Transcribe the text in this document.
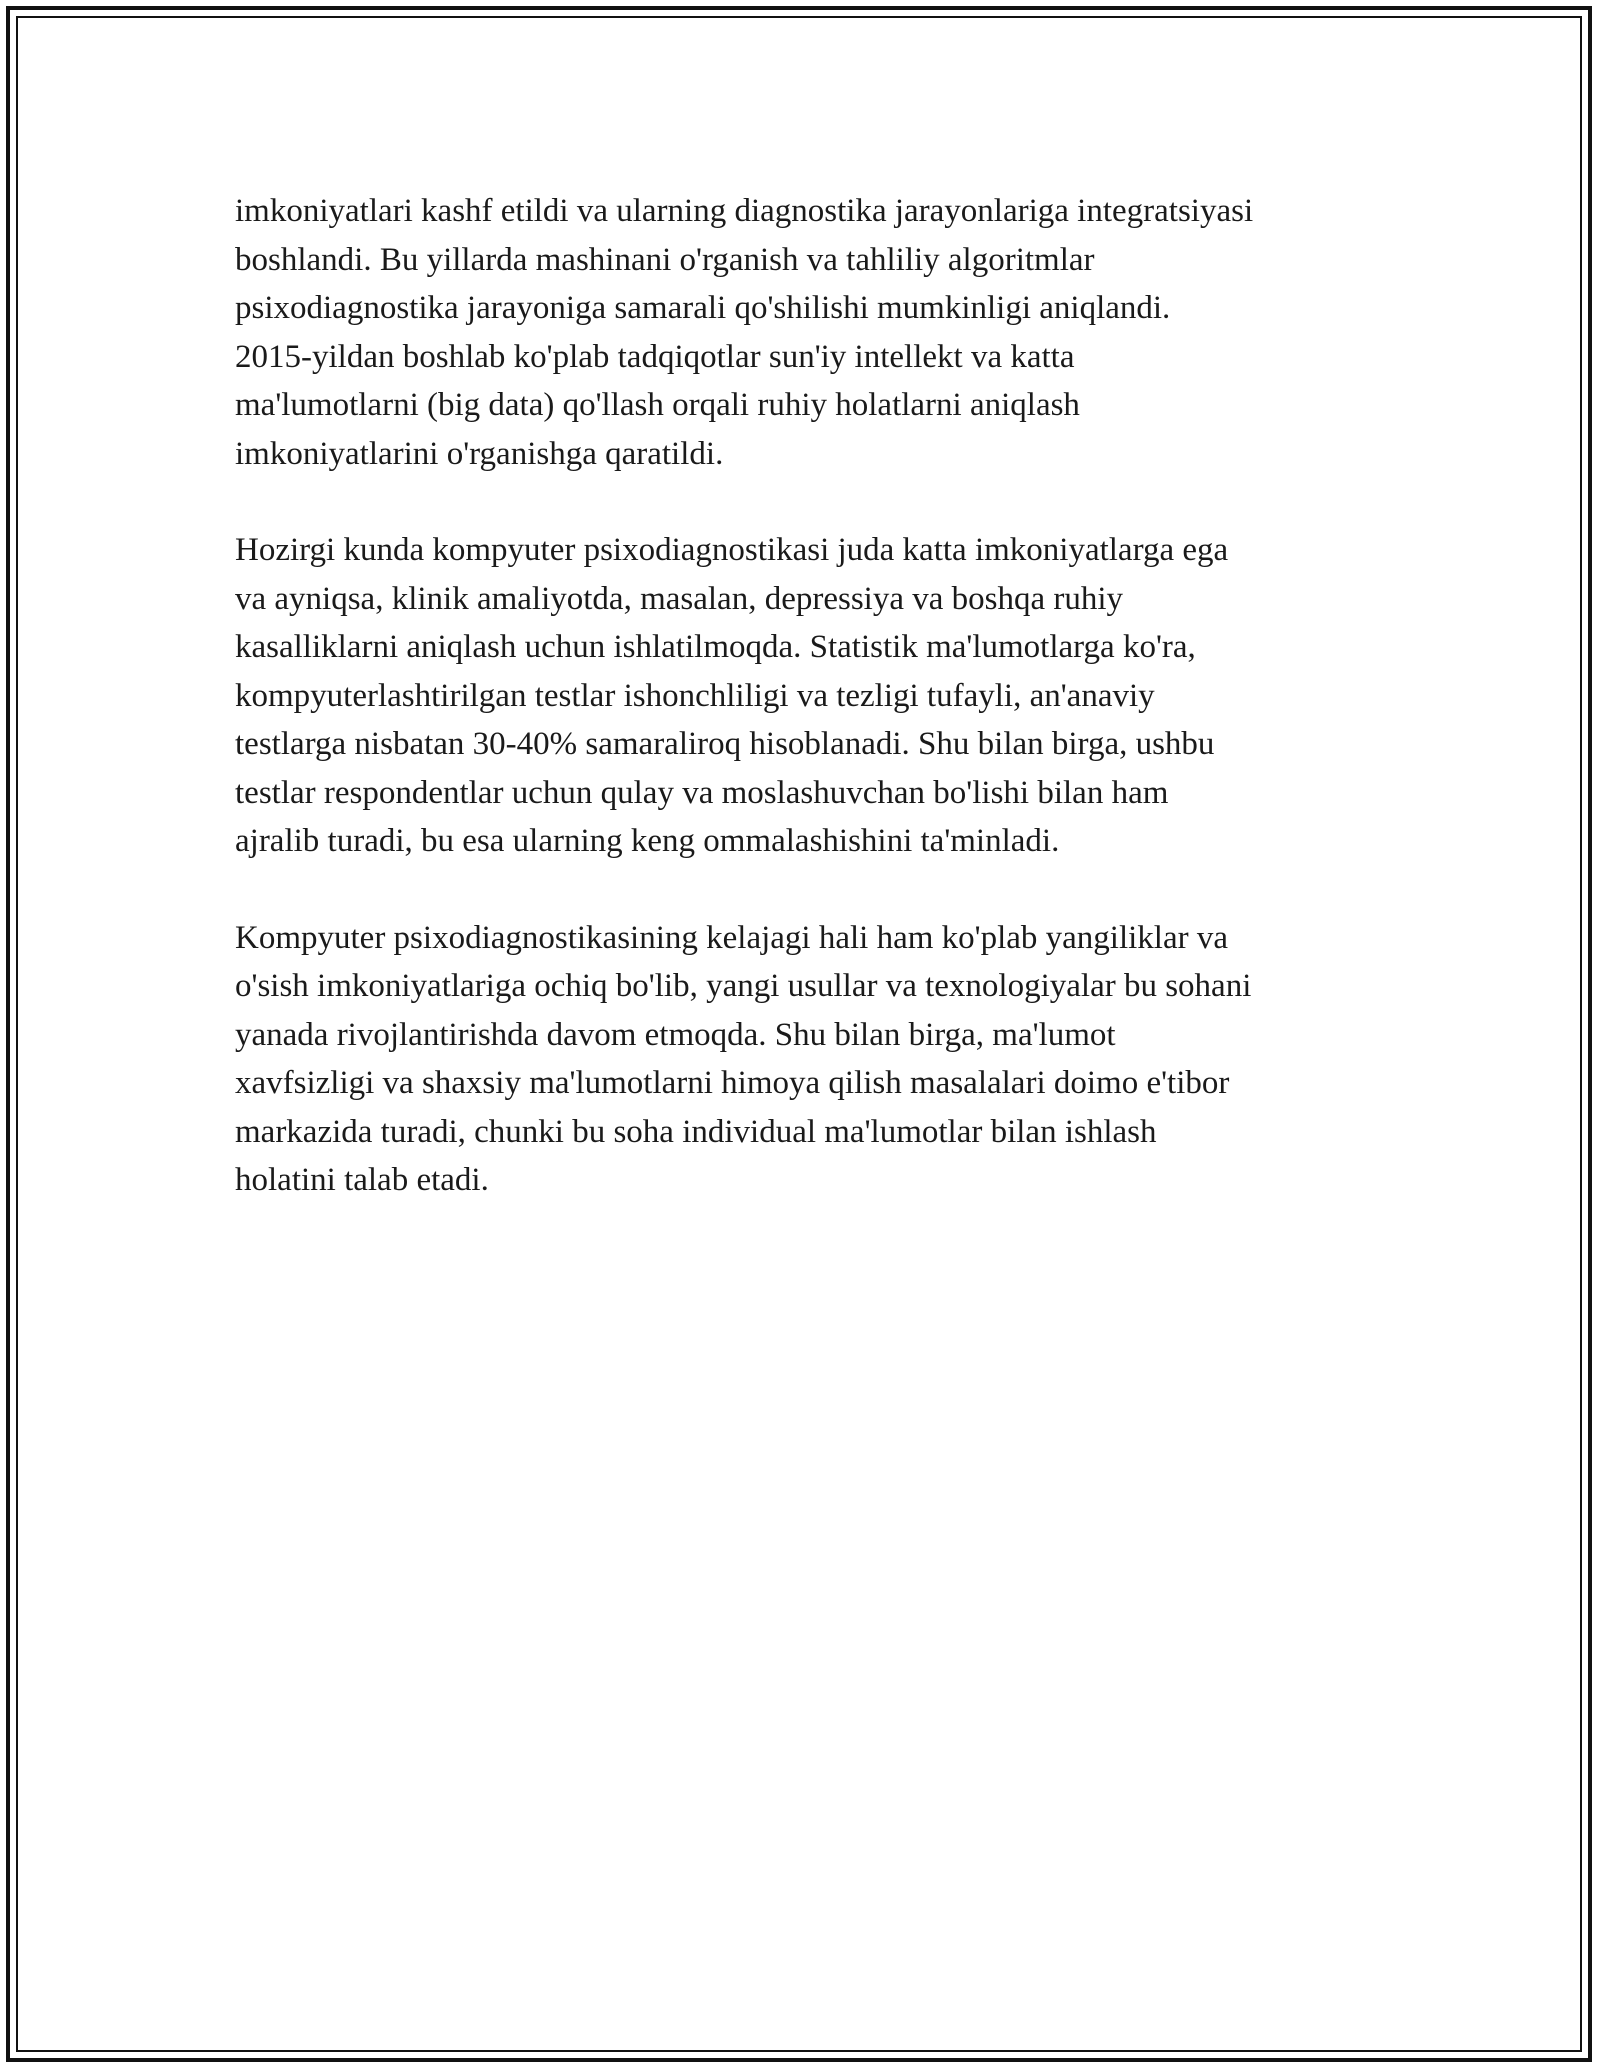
imkoniyatlari kashf etildi va ularning diagnostika jarayonlariga integratsiyasi
boshlandi. Bu yillarda mashinani o'rganish va tahliliy algoritmlar
psixodiagnostika jarayoniga samarali qo'shilishi mumkinligi aniqlandi.
2015-yildan boshlab ko'plab tadqiqotlar sun'iy intellekt va katta
ma'lumotlarni (big data) qo'llash orqali ruhiy holatlarni aniqlash
imkoniyatlarini o'rganishga qaratildi.

Hozirgi kunda kompyuter psixodiagnostikasi juda katta imkoniyatlarga ega
va ayniqsa, klinik amaliyotda, masalan, depressiya va boshqa ruhiy
kasalliklarni aniqlash uchun ishlatilmoqda. Statistik ma'lumotlarga ko'ra,
kompyuterlashtirilgan testlar ishonchliligi va tezligi tufayli, an'anaviy
testlarga nisbatan 30-40% samaraliroq hisoblanadi. Shu bilan birga, ushbu
testlar respondentlar uchun qulay va moslashuvchan bo'lishi bilan ham
ajralib turadi, bu esa ularning keng ommalashishini ta'minladi.

Kompyuter psixodiagnostikasining kelajagi hali ham ko'plab yangiliklar va
o'sish imkoniyatlariga ochiq bo'lib, yangi usullar va texnologiyalar bu sohani
yanada rivojlantirishda davom etmoqda. Shu bilan birga, ma'lumot
xavfsizligi va shaxsiy ma'lumotlarni himoya qilish masalalari doimo e'tibor
markazida turadi, chunki bu soha individual ma'lumotlar bilan ishlash
holatini talab etadi.
